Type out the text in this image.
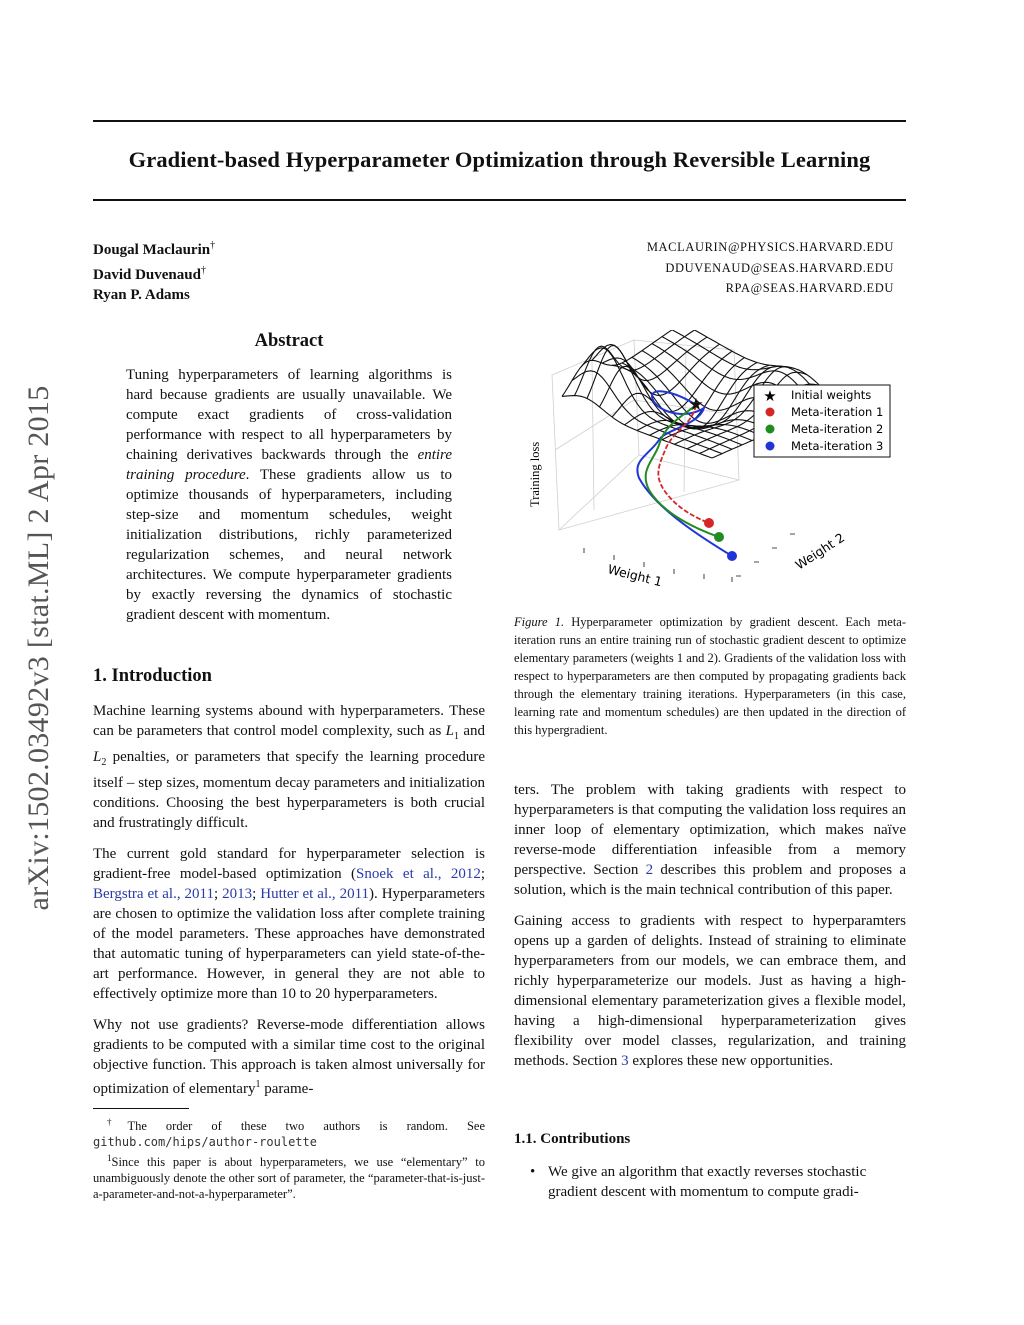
Gradient-based Hyperparameter Optimization through Reversible Learning
arXiv:1502.03492v3 [stat.ML] 2 Apr 2015
Dougal Maclaurin†
David Duvenaud†
Ryan P. Adams
MACLAURIN@PHYSICS.HARVARD.EDU
DDUVENAUD@SEAS.HARVARD.EDU
RPA@SEAS.HARVARD.EDU
Abstract
Tuning hyperparameters of learning algorithms is hard because gradients are usually unavailable. We compute exact gradients of cross-validation performance with respect to all hyperparameters by chaining derivatives backwards through the entire training procedure. These gradients allow us to optimize thousands of hyperparameters, including step-size and momentum schedules, weight initialization distributions, richly parameterized regularization schemes, and neural network architectures. We compute hyperparameter gradients by exactly reversing the dynamics of stochastic gradient descent with momentum.
1. Introduction

Machine learning systems abound with hyperparameters. These can be parameters that control model complexity, such as $L_1$ and $L_2$ penalties, or parameters that specify the learning procedure itself – step sizes, momentum decay parameters and initialization conditions. Choosing the best hyperparameters is both crucial and frustratingly difficult.

The current gold standard for hyperparameter selection is gradient-free model-based optimization (Snoek et al., 2012; Bergstra et al., 2011; 2013; Hutter et al., 2011). Hyperparameters are chosen to optimize the validation loss after complete training of the model parameters. These approaches have demonstrated that automatic tuning of hyperparameters can yield state-of-the-art performance. However, in general they are not able to effectively optimize more than 10 to 20 hyperparameters.

Why not use gradients? Reverse-mode differentiation allows gradients to be computed with a similar time cost to the original objective function. This approach is taken almost universally for optimization of elementary$^1$ parame-

†The order of these two authors is random. See github.com/hips/author-roulette
$^1$Since this paper is about hyperparameters, we use “elementary” to unambiguously denote the other sort of parameter, the “parameter-that-is-just-a-parameter-and-not-a-hyperparameter”.
★
Training loss
Weight 1
Weight 2
★ Initial weights
Meta-iteration 1
Meta-iteration 2
Meta-iteration 3
Figure 1. Hyperparameter optimization by gradient descent. Each meta-iteration runs an entire training run of stochastic gradient descent to optimize elementary parameters (weights 1 and 2). Gradients of the validation loss with respect to hyperparameters are then computed by propagating gradients back through the elementary training iterations. Hyperparameters (in this case, learning rate and momentum schedules) are then updated in the direction of this hypergradient.

ters. The problem with taking gradients with respect to hyperparameters is that computing the validation loss requires an inner loop of elementary optimization, which makes naïve reverse-mode differentiation infeasible from a memory perspective. Section 2 describes this problem and proposes a solution, which is the main technical contribution of this paper.

Gaining access to gradients with respect to hyperparamters opens up a garden of delights. Instead of straining to eliminate hyperparameters from our models, we can embrace them, and richly hyperparameterize our models. Just as having a high-dimensional elementary parameterization gives a flexible model, having a high-dimensional hyperparameterization gives flexibility over model classes, regularization, and training methods. Section 3 explores these new opportunities.

1.1. Contributions
• We give an algorithm that exactly reverses stochastic gradient descent with momentum to compute gradi-
